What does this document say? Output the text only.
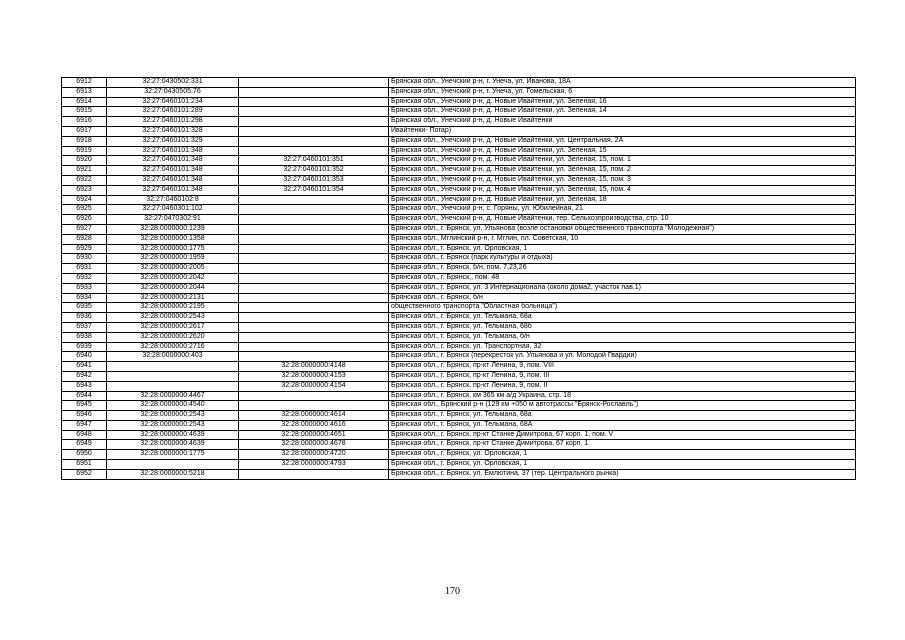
6912	32:27:0430502:331		Брянская обл., Унечский р-н, г. Унеча, ул. Иванова, 18А
6913	32:27:0430505:76		Брянская обл., Унечский р-н, г. Унеча, ул. Гомельская, 6
6914	32:27:0460101:234		Брянская обл., Унечский р-н, д. Новые Ивайтенки, ул. Зеленая, 16
6915	32:27:0460101:289		Брянская обл., Унечский р-н, д. Новые Ивайтенки, ул. Зеленая, 14
6916	32:27:0460101:298		Брянская обл., Унечский р-н, д. Новые Ивайтенки
6917	32:27:0460101:328		Ивайтенки- Погар)
6918	32:27:0460101:329		Брянская обл., Унечский р-н, д. Новые Ивайтенки, ул. Центральная, 2А
6919	32:27:0460101:348		Брянская обл., Унечский р-н, д. Новые Ивайтенки, ул. Зеленая, 15
6920	32:27:0460101:348	32:27:0460101:351	Брянская обл., Унечский р-н, д. Новые Ивайтенки, ул. Зеленая, 15, пом. 1
6921	32:27:0460101:348	32:27:0460101:352	Брянская обл., Унечский р-н, д. Новые Ивайтенки, ул. Зеленая, 15, пом. 2
6922	32:27:0460101:348	32:27:0460101:353	Брянская обл., Унечский р-н, д. Новые Ивайтенки, ул. Зеленая, 15, пом. 3
6923	32:27:0460101:348	32:27:0460101:354	Брянская обл., Унечский р-н, д. Новые Ивайтенки, ул. Зеленая, 15, пом. 4
6924	32:27:0460102:8		Брянская обл., Унечский р-н, д. Новые Ивайтенки, ул. Зеленая, 18
6925	32:27:0460301:102		Брянская обл., Унечский р-н, с. Горяны, ул. Юбилейная, 21
6926	32:27:0470302:91		Брянская обл., Унечский р-н, д. Новые Ивайтенки, тер. Сельхозпроизводства, стр. 10
6927	32:28:0000000:1239		Брянская обл., г. Брянск, ул. Ульянова (возле остановки общественного транспорта "Молодежная")
6928	32:28:0000000:1358		Брянская обл., Мглинский р-н, г. Мглин, пл. Советская, 10
6929	32:28:0000000:1775		Брянская обл., г. Брянск, ул. Орловская, 1
6930	32:28:0000000:1959		Брянская обл., г. Брянск (парк культуры и отдыха)
6931	32:28:0000000:2005		Брянская обл., г. Брянск, б/н, пом. 7,23,26
6932	32:28:0000000:2042		Брянская обл., г. Брянск,, пом. 48
6933	32:28:0000000:2044		Брянская обл., г. Брянск, ул. 3 Интернационала (около дома2, участок пав.1)
6934	32:28:0000000:2131		Брянская обл., г. Брянск, б/н
6935	32:28:0000000:2195		общественного транспорта "Областная больница")
6936	32:28:0000000:2543		Брянская обл., г. Брянск, ул. Тельмана, 68а
6937	32:28:0000000:2617		Брянская обл., г. Брянск, ул. Тельмана, 68б
6938	32:28:0000000:2620		Брянская обл., г. Брянск, ул. Тельмана, б/н
6939	32:28:0000000:2716		Брянская обл., г. Брянск, ул. Транспортная, 32
6940	32:28:0000000:403		Брянская обл., г. Брянск (перекресток ул. Ульянова и ул. Молодой Гвардии)
6941		32:28:0000000:4148	Брянская обл., г. Брянск, пр-кт Ленина, 9, пом. VIII
6942		32:28:0000000:4153	Брянская обл., г. Брянск, пр-кт Ленина, 9, пом. III
6943		32:28:0000000:4154	Брянская обл., г. Брянск, пр-кт Ленина, 9, пом. II
6944	32:28:0000000:4467		Брянская обл., г. Брянск, км 365 км а/д Украина, стр. 18
6945	32:28:0000000:4540		Брянская обл., Брянский р-н (129 км +050 м автотрассы "Брянск-Рославль")
6946	32:28:0000000:2543	32:28:0000000:4614	Брянская обл., г. Брянск, ул. Тельмана, 68а
6947	32:28:0000000:2543	32:28:0000000:4616	Брянская обл., г. Брянск, ул. Тельмана, 68А
6948	32:28:0000000:4639	32:28:0000000:4651	Брянская обл., г. Брянск, пр-кт Станке Димитрова, 67 корп. 1, пом. V
6949	32:28:0000000:4639	32:28:0000000:4678	Брянская обл., г. Брянск, пр-кт Станке Димитрова, 67 корп. 1
6950	32:28:0000000:1775	32:28:0000000:4720	Брянская обл., г. Брянск, ул. Орловская, 1
6951		32:28:0000000:4793	Брянская обл., г. Брянск, ул. Орловская, 1
6952	32:28:0000000:5218		Брянская обл., г. Брянск, ул. Емлютина, 37 (тер. Центрального рынка)
170
